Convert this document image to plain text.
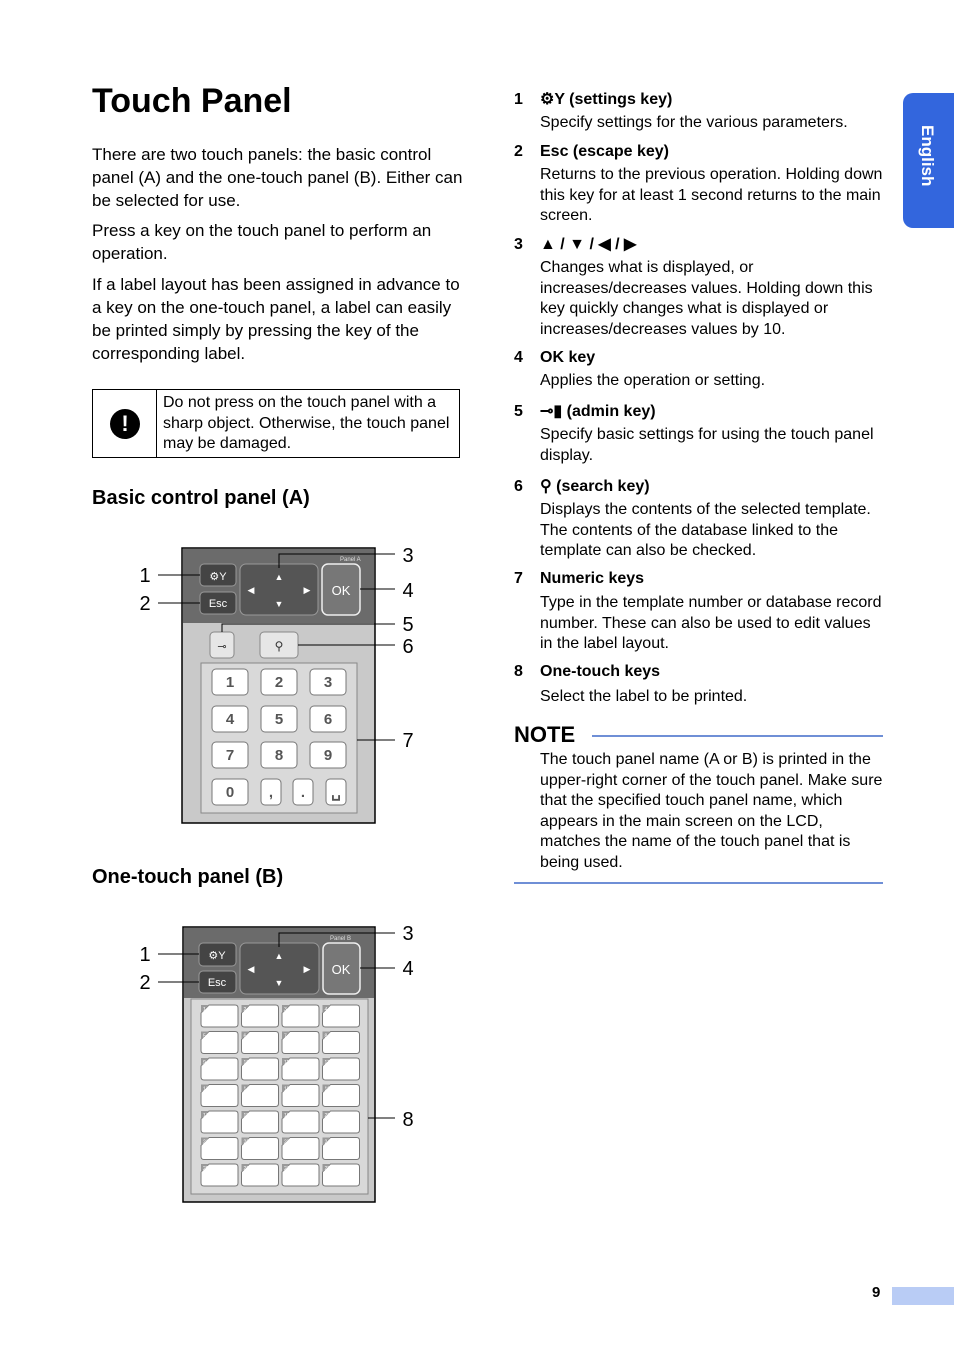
Touch Panel

There are two touch panels: the basic control panel (A) and the one-touch panel (B). Either can be selected for use.

Press a key on the touch panel to perform an operation.

If a label layout has been assigned in advance to a key on the one-touch panel, a label can easily be printed simply by pressing the key of the corresponding label.

!
Do not press on the touch panel with a sharp object. Otherwise, the touch panel may be damaged.
Basic control panel (A)
Panel A
⚙Y
Esc
▲
▼
◀	▶ OK
⊸	⚲
1	2	3
4	5	6
7	8	9
0 , . ␣
1
2
3
4
5
6
7
One-touch panel (B)
Panel B
⚙Y
Esc
▲
▼
◀	▶ OK
1	2	3	4
5	6	7	8
9	10	11	12
13	14	15	16
17	18	19	20
21	22	23	24
25	26	27	28
1
2
3
4
8
1 ⚙Y (settings key)
Specify settings for the various parameters.
2 Esc (escape key)
Returns to the previous operation. Holding down this key for at least 1 second returns to the main screen.
3 ▲ / ▼ / ◀ / ▶
Changes what is displayed, or increases/decreases values. Holding down this key quickly changes what is displayed or increases/decreases values by 10.
4 OK key
Applies the operation or setting.
5 ⊸▮ (admin key)
Specify basic settings for using the touch panel display.
6 ⚲ (search key)
Displays the contents of the selected template. The contents of the database linked to the template can also be checked.
7 Numeric keys
Type in the template number or database record number. These can also be used to edit values in the label layout.
8 One-touch keys
Select the label to be printed.
NOTE
The touch panel name (A or B) is printed in the upper-right corner of the touch panel. Make sure that the specified touch panel name, which appears in the main screen on the LCD, matches the name of the touch panel that is being used.
English
9
